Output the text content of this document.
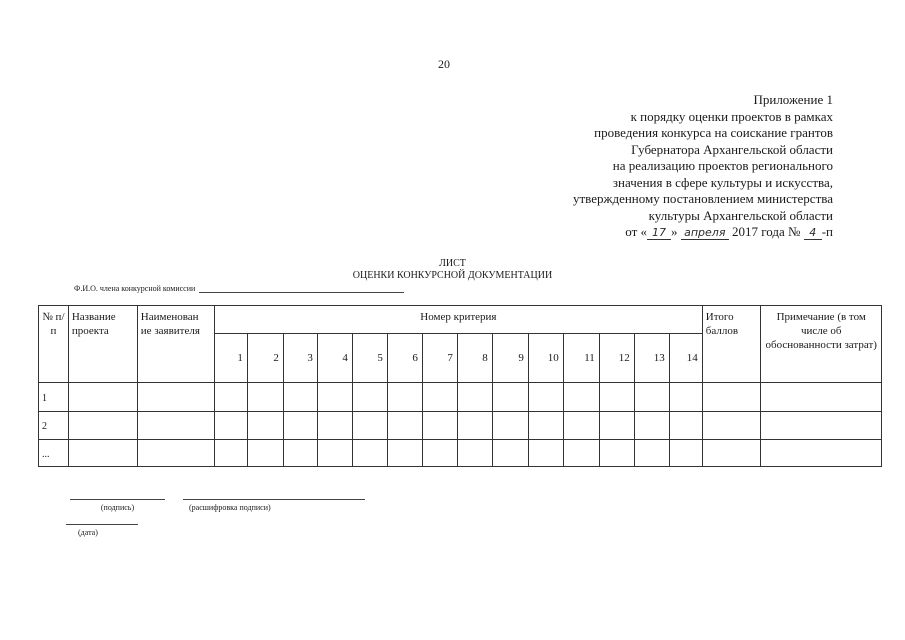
20
Приложение 1
к порядку оценки проектов в рамках
проведения конкурса на соискание грантов
Губернатора Архангельской области
на реализацию проектов регионального
значения в сфере культуры и искусства,
утвержденному постановлением министерства
культуры Архангельской области
от « 17 » апреля 2017 года № 4 -п
ЛИСТ
ОЦЕНКИ КОНКУРСНОЙ ДОКУМЕНТАЦИИ
Ф.И.О. члена конкурсной комиссии
№ п/п	Название проекта	Наименован ие заявителя	Номер критерия														Итого баллов	Примечание (в том числе об обоснованности затрат)
			1	2	3	4	5	6	7	8	9	10	11	12	13	14		
1																		
2																		
...																		
(подпись)	(расшифровка подписи)
(дата)
